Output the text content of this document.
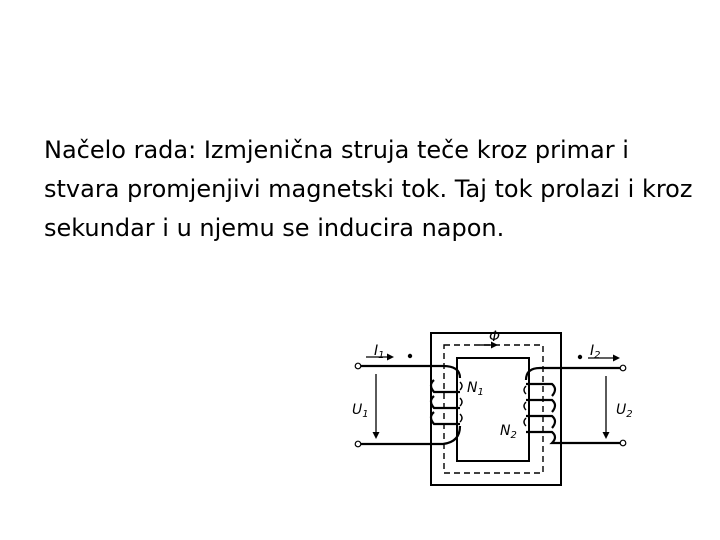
Načelo rada: Izmjenična struja teče kroz primar i stvara promjenjivi magnetski tok. Taj tok prolazi i kroz sekundar i u njemu se inducira napon.

Φ
$I_1$	$I_2$
$U_1$	$U_2$
$N_1$
$N_2$
